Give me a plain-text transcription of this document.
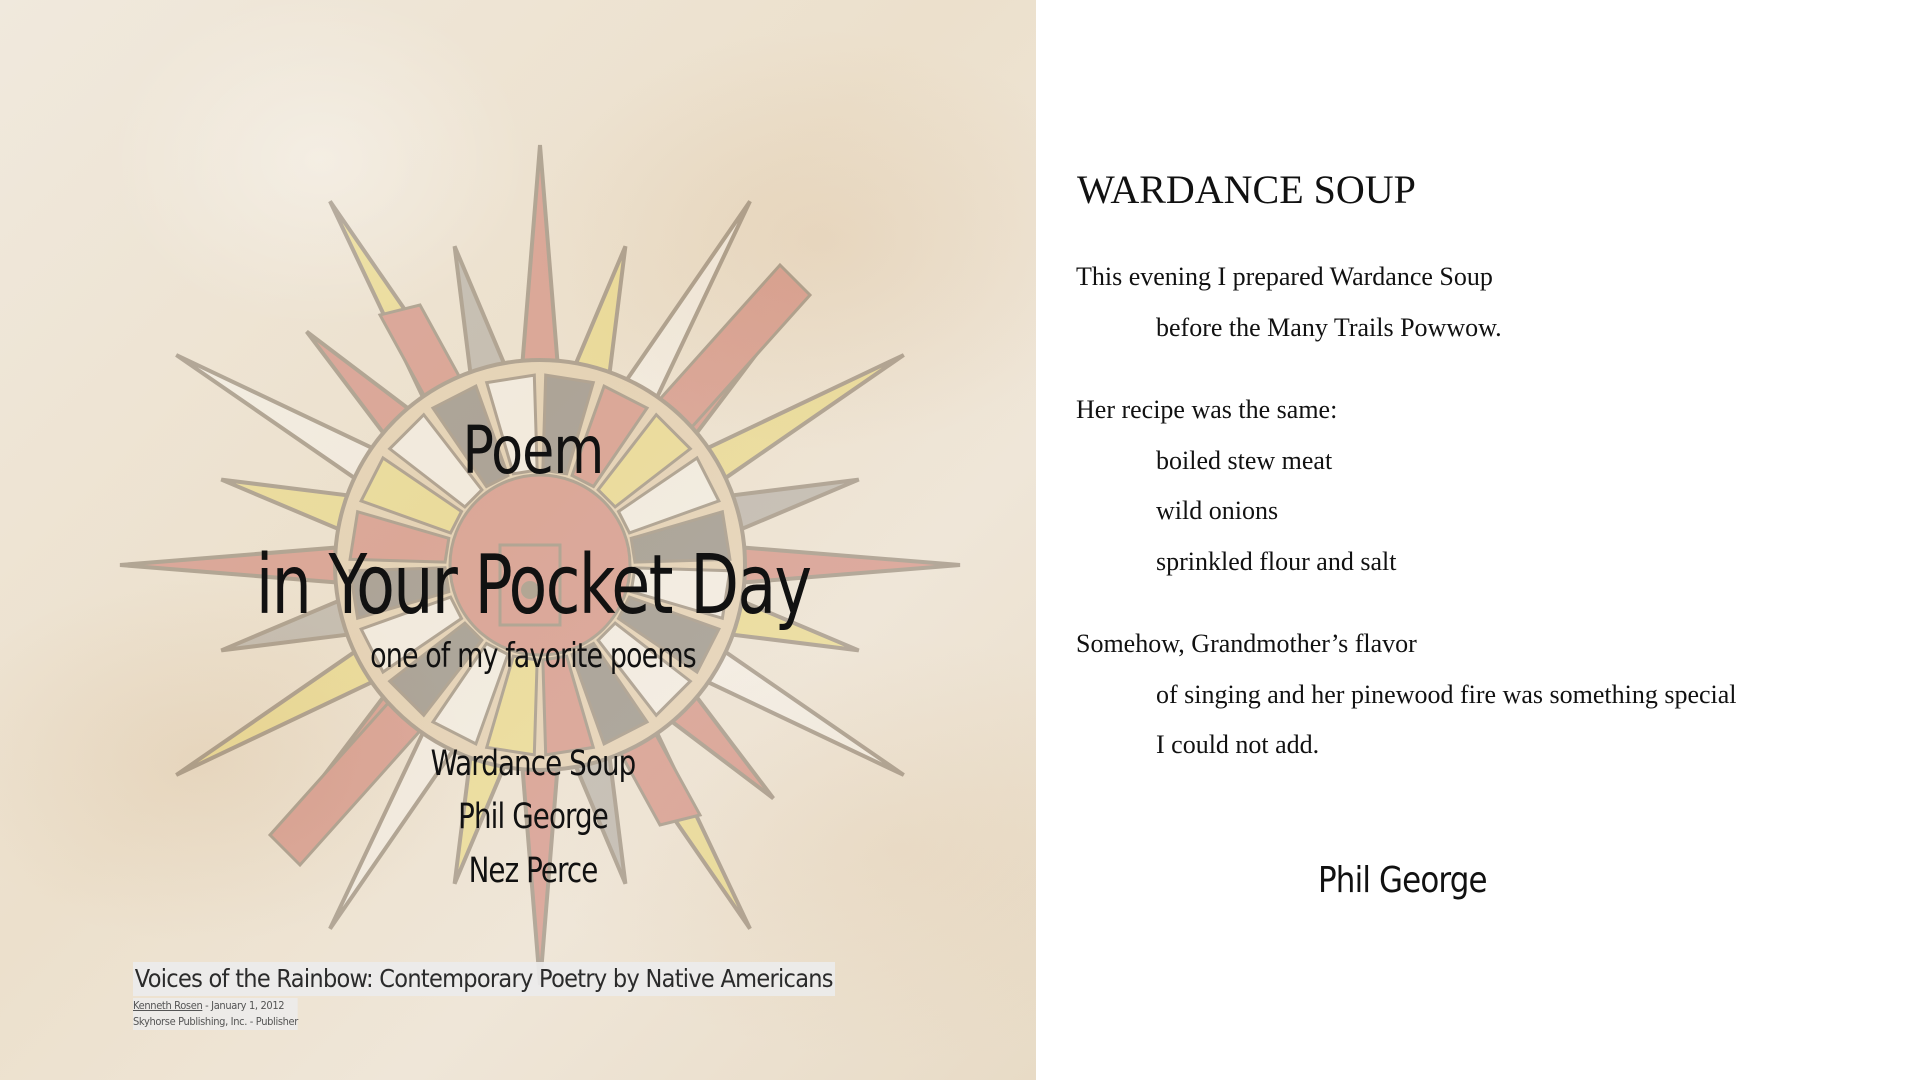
Poem
in Your Pocket Day
one of my favorite poems
Wardance Soup
Phil George
Nez Perce
Voices of the Rainbow: Contemporary Poetry by Native Americans
Kenneth Rosen - January 1, 2012
Skyhorse Publishing, Inc. - Publisher
WARDANCE SOUP
This evening I prepared Wardance Soup
before the Many Trails Powwow.
Her recipe was the same:
boiled stew meat
wild onions
sprinkled flour and salt
Somehow, Grandmother’s flavor
of singing and her pinewood fire was something special
I could not add.
Phil George
